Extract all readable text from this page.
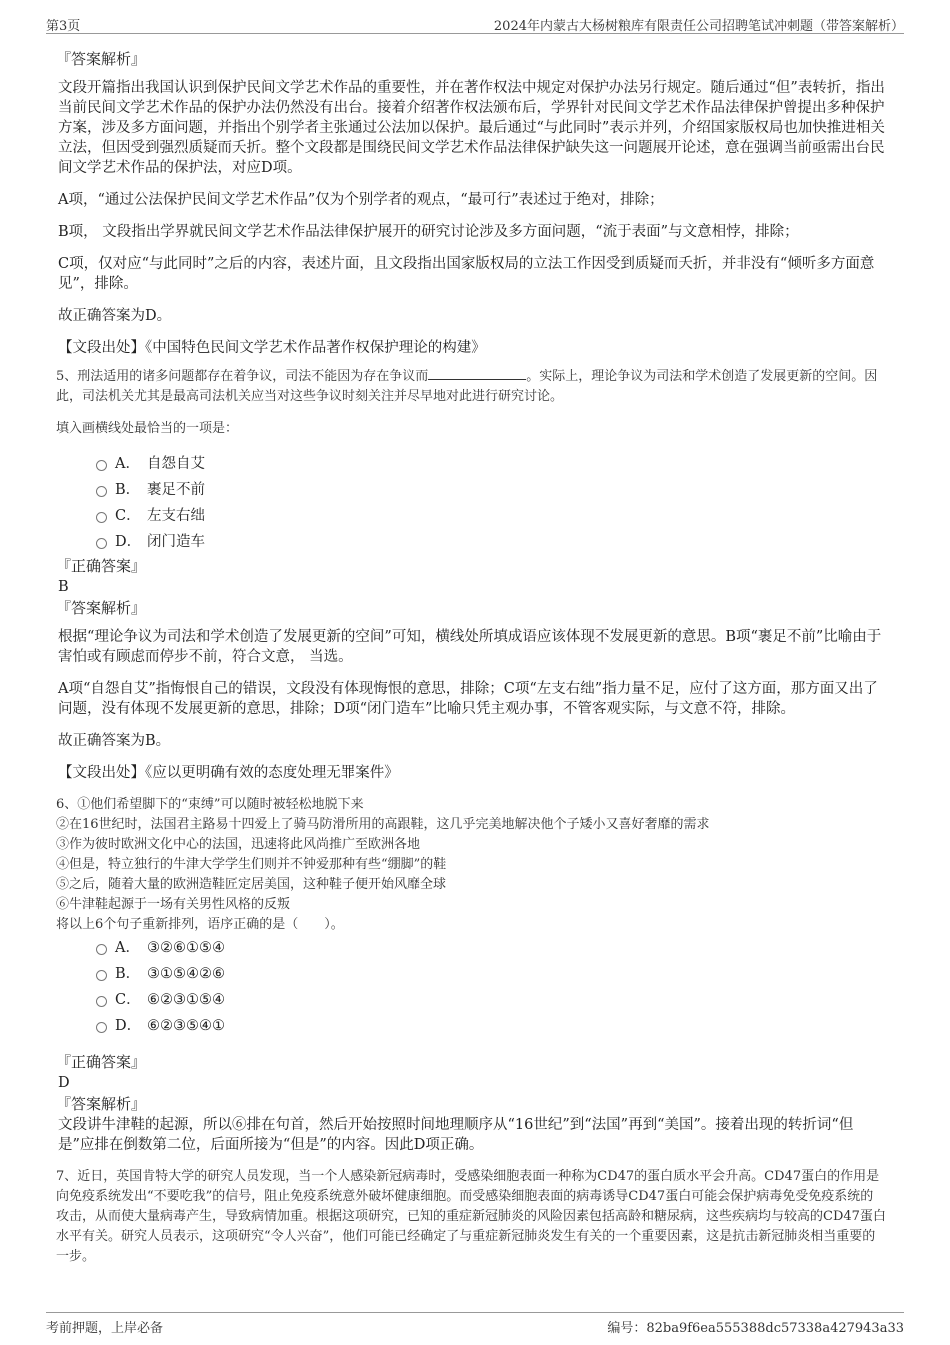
第3页	2024年内蒙古大杨树粮库有限责任公司招聘笔试冲刺题（带答案解析）
『答案解析』
文段开篇指出我国认识到保护民间文学艺术作品的重要性，并在著作权法中规定对保护办法另行规定。随后通过“但”表转折，指出当前民间文学艺术作品的保护办法仍然没有出台。接着介绍著作权法颁布后，学界针对民间文学艺术作品法律保护曾提出多种保护方案，涉及多方面问题，并指出个别学者主张通过公法加以保护。最后通过“与此同时”表示并列，介绍国家版权局也加快推进相关立法，但因受到强烈质疑而夭折。整个文段都是围绕民间文学艺术作品法律保护缺失这一问题展开论述，意在强调当前亟需出台民间文学艺术作品的保护法，对应D项。
A项，“通过公法保护民间文学艺术作品”仅为个别学者的观点，“最可行”表述过于绝对，排除；
B项， 文段指出学界就民间文学艺术作品法律保护展开的研究讨论涉及多方面问题，“流于表面”与文意相悖，排除；
C项，仅对应“与此同时”之后的内容，表述片面，且文段指出国家版权局的立法工作因受到质疑而夭折，并非没有“倾听多方面意见”，排除。
故正确答案为D。
【文段出处】《中国特色民间文学艺术作品著作权保护理论的构建》
5、刑法适用的诸多问题都存在着争议，司法不能因为存在争议而	。实际上，理论争议为司法和学术创造了发展更新的空间。因此，司法机关尤其是最高司法机关应当对这些争议时刻关注并尽早地对此进行研究讨论。
填入画横线处最恰当的一项是：
A． 自怨自艾
B． 裹足不前
C． 左支右绌
D． 闭门造车
『正确答案』
B
『答案解析』
根据“理论争议为司法和学术创造了发展更新的空间”可知，横线处所填成语应该体现不发展更新的意思。B项“裹足不前”比喻由于害怕或有顾虑而停步不前，符合文意， 当选。
A项“自怨自艾”指悔恨自己的错误，文段没有体现悔恨的意思，排除；C项“左支右绌”指力量不足，应付了这方面，那方面又出了问题，没有体现不发展更新的意思，排除；D项“闭门造车”比喻只凭主观办事，不管客观实际，与文意不符，排除。
故正确答案为B。
【文段出处】《应以更明确有效的态度处理无罪案件》
6、①他们希望脚下的“束缚”可以随时被轻松地脱下来
②在16世纪时，法国君主路易十四爱上了骑马防滑所用的高跟鞋，这几乎完美地解决他个子矮小又喜好奢靡的需求
③作为彼时欧洲文化中心的法国，迅速将此风尚推广至欧洲各地
④但是，特立独行的牛津大学学生们则并不钟爱那种有些“绷脚”的鞋
⑤之后，随着大量的欧洲造鞋匠定居美国，这种鞋子便开始风靡全球
⑥牛津鞋起源于一场有关男性风格的反叛
将以上6个句子重新排列，语序正确的是（　　）。
A． ③②⑥①⑤④
B． ③①⑤④②⑥
C． ⑥②③①⑤④
D． ⑥②③⑤④①
『正确答案』
D
『答案解析』
文段讲牛津鞋的起源，所以⑥排在句首，然后开始按照时间地理顺序从“16世纪”到“法国”再到“美国”。接着出现的转折词“但是”应排在倒数第二位，后面所接为“但是”的内容。因此D项正确。
7、近日，英国肯特大学的研究人员发现，当一个人感染新冠病毒时，受感染细胞表面一种称为CD47的蛋白质水平会升高。CD47蛋白的作用是向免疫系统发出“不要吃我”的信号，阻止免疫系统意外破坏健康细胞。而受感染细胞表面的病毒诱导CD47蛋白可能会保护病毒免受免疫系统的攻击，从而使大量病毒产生，导致病情加重。根据这项研究，已知的重症新冠肺炎的风险因素包括高龄和糖尿病，这些疾病均与较高的CD47蛋白水平有关。研究人员表示，这项研究“令人兴奋”，他们可能已经确定了与重症新冠肺炎发生有关的一个重要因素，这是抗击新冠肺炎相当重要的一步。
考前押题，上岸必备	编号：82ba9f6ea555388dc57338a427943a33
